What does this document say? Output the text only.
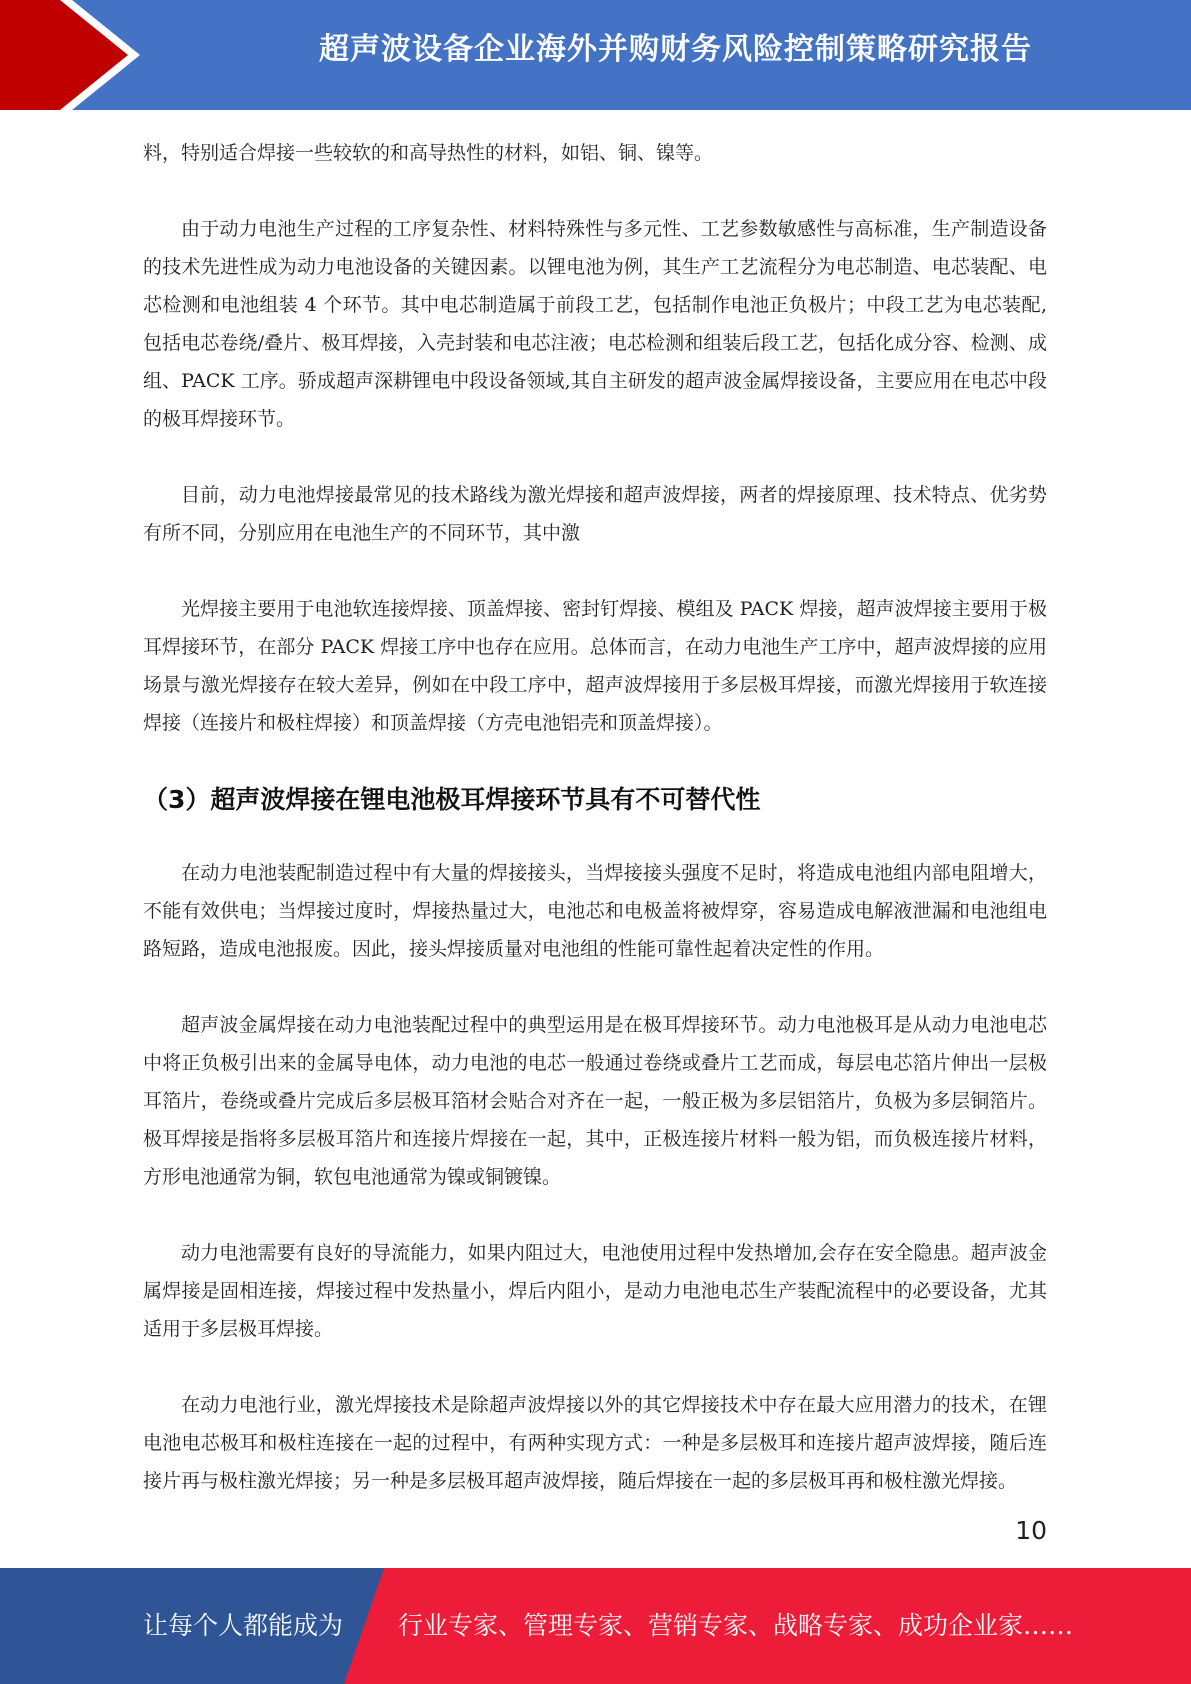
超声波设备企业海外并购财务风险控制策略研究报告

料，特别适合焊接一些较软的和高导热性的材料，如铝、铜、镍等。

由于动力电池生产过程的工序复杂性、材料特殊性与多元性、工艺参数敏感性与高标准，生产制造设备的技术先进性成为动力电池设备的关键因素。以锂电池为例，其生产工艺流程分为电芯制造、电芯装配、电芯检测和电池组装 4 个环节。其中电芯制造属于前段工艺，包括制作电池正负极片；中段工艺为电芯装配,包括电芯卷绕/叠片、极耳焊接，入壳封装和电芯注液；电芯检测和组装后段工艺，包括化成分容、检测、成组、PACK 工序。骄成超声深耕锂电中段设备领域,其自主研发的超声波金属焊接设备，主要应用在电芯中段的极耳焊接环节。

目前，动力电池焊接最常见的技术路线为激光焊接和超声波焊接，两者的焊接原理、技术特点、优劣势有所不同，分别应用在电池生产的不同环节，其中激

光焊接主要用于电池软连接焊接、顶盖焊接、密封钉焊接、模组及 PACK 焊接，超声波焊接主要用于极耳焊接环节，在部分 PACK 焊接工序中也存在应用。总体而言，在动力电池生产工序中，超声波焊接的应用场景与激光焊接存在较大差异，例如在中段工序中，超声波焊接用于多层极耳焊接，而激光焊接用于软连接焊接（连接片和极柱焊接）和顶盖焊接（方壳电池铝壳和顶盖焊接）。

（3）超声波焊接在锂电池极耳焊接环节具有不可替代性

在动力电池装配制造过程中有大量的焊接接头，当焊接接头强度不足时，将造成电池组内部电阻增大，不能有效供电；当焊接过度时，焊接热量过大，电池芯和电极盖将被焊穿，容易造成电解液泄漏和电池组电路短路，造成电池报废。因此，接头焊接质量对电池组的性能可靠性起着决定性的作用。

超声波金属焊接在动力电池装配过程中的典型运用是在极耳焊接环节。动力电池极耳是从动力电池电芯中将正负极引出来的金属导电体，动力电池的电芯一般通过卷绕或叠片工艺而成，每层电芯箔片伸出一层极耳箔片，卷绕或叠片完成后多层极耳箔材会贴合对齐在一起，一般正极为多层铝箔片，负极为多层铜箔片。极耳焊接是指将多层极耳箔片和连接片焊接在一起，其中，正极连接片材料一般为铝，而负极连接片材料，方形电池通常为铜，软包电池通常为镍或铜镀镍。

动力电池需要有良好的导流能力，如果内阻过大，电池使用过程中发热增加,会存在安全隐患。超声波金属焊接是固相连接，焊接过程中发热量小，焊后内阻小，是动力电池电芯生产装配流程中的必要设备，尤其适用于多层极耳焊接。

在动力电池行业，激光焊接技术是除超声波焊接以外的其它焊接技术中存在最大应用潜力的技术，在锂电池电芯极耳和极柱连接在一起的过程中，有两种实现方式：一种是多层极耳和连接片超声波焊接，随后连接片再与极柱激光焊接；另一种是多层极耳超声波焊接，随后焊接在一起的多层极耳再和极柱激光焊接。

10
让每个人都能成为 行业专家、管理专家、营销专家、战略专家、成功企业家……
